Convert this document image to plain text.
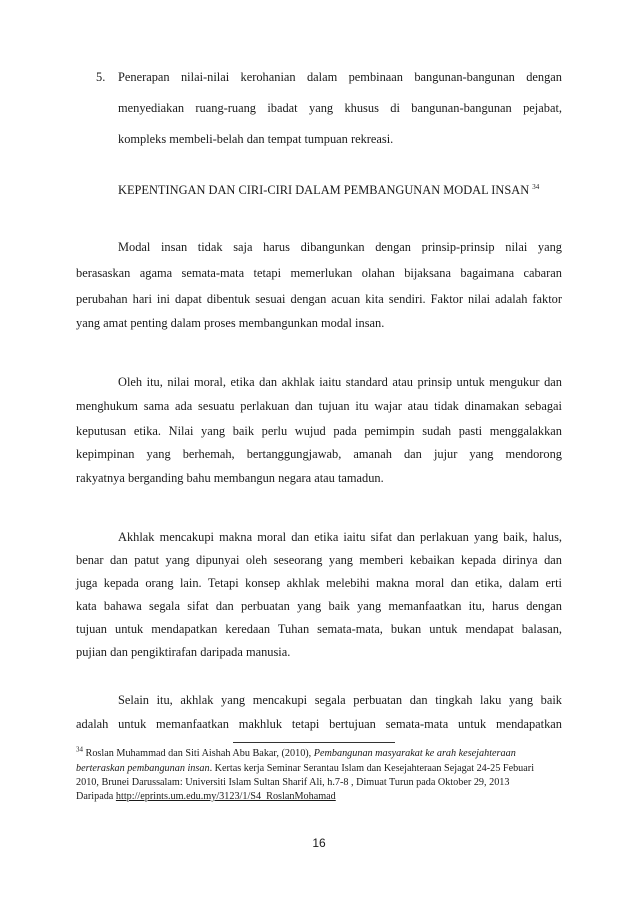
5. Penerapan nilai-nilai kerohanian dalam pembinaan bangunan-bangunan dengan
menyediakan ruang-ruang ibadat yang khusus di bangunan-bangunan pejabat,
kompleks membeli-belah dan tempat tumpuan rekreasi.
KEPENTINGAN DAN CIRI-CIRI DALAM PEMBANGUNAN MODAL INSAN $^{34}$
Modal insan tidak saja harus dibangunkan dengan prinsip-prinsip nilai yang
berasaskan agama semata-mata tetapi memerlukan olahan bijaksana bagaimana cabaran
perubahan hari ini dapat dibentuk sesuai dengan acuan kita sendiri. Faktor nilai adalah faktor
yang amat penting dalam proses membangunkan modal insan.
Oleh itu, nilai moral, etika dan akhlak iaitu standard atau prinsip untuk mengukur dan
menghukum sama ada sesuatu perlakuan dan tujuan itu wajar atau tidak dinamakan sebagai
keputusan etika. Nilai yang baik perlu wujud pada pemimpin sudah pasti menggalakkan
kepimpinan yang berhemah, bertanggungjawab, amanah dan jujur yang mendorong
rakyatnya berganding bahu membangun negara atau tamadun.
Akhlak mencakupi makna moral dan etika iaitu sifat dan perlakuan yang baik, halus,
benar dan patut yang dipunyai oleh seseorang yang memberi kebaikan kepada dirinya dan
juga kepada orang lain. Tetapi konsep akhlak melebihi makna moral dan etika, dalam erti
kata bahawa segala sifat dan perbuatan yang baik yang memanfaatkan itu, harus dengan
tujuan untuk mendapatkan keredaan Tuhan semata-mata, bukan untuk mendapat balasan,
pujian dan pengiktirafan daripada manusia.
Selain itu, akhlak yang mencakupi segala perbuatan dan tingkah laku yang baik
adalah untuk memanfaatkan makhluk tetapi bertujuan semata-mata untuk mendapatkan
$^{34}$ Roslan Muhammad dan Siti Aishah Abu Bakar, (2010), Pembangunan masyarakat ke arah kesejahteraan
berteraskan pembangunan insan. Kertas kerja Seminar Serantau Islam dan Kesejahteraan Sejagat 24-25 Febuari
2010, Brunei Darussalam: Universiti Islam Sultan Sharif Ali, h.7-8 , Dimuat Turun pada Oktober 29, 2013
Daripada http://eprints.um.edu.my/3123/1/S4_RoslanMohamad
16
